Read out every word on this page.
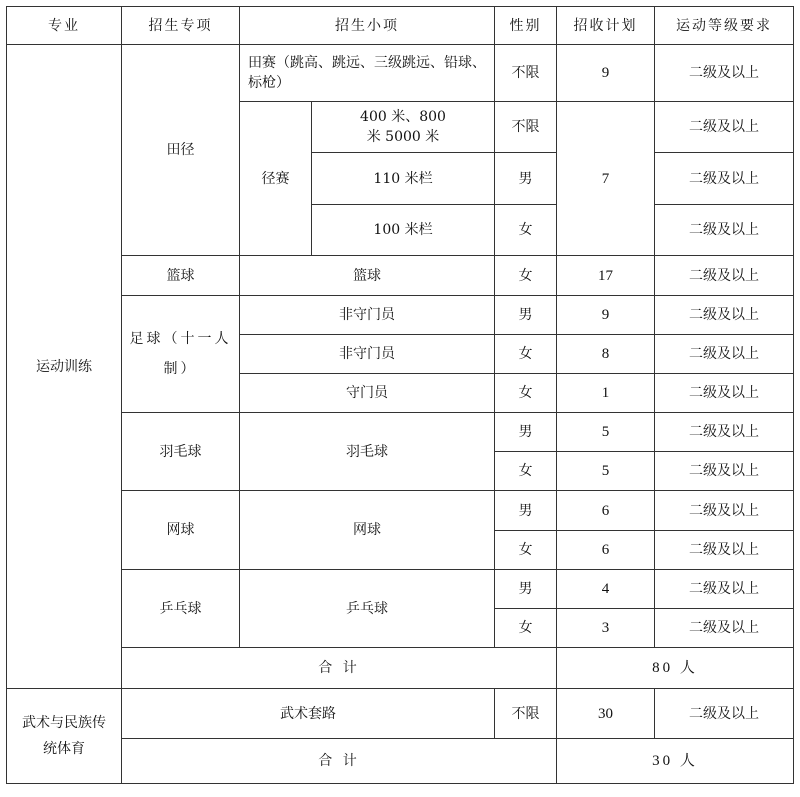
专业	招生专项	招生小项		性别	招收计划	运动等级要求
运动训练	田径	田赛（跳高、跳远、三级跳远、铅球、标枪）		不限	9	二级及以上
		径赛	400 米、800 米 5000 米	不限	7	二级及以上
			110 米栏	男		二级及以上
			100 米栏	女		二级及以上
	篮球	篮球		女	17	二级及以上
	足球（十一人制）	非守门员		男	9	二级及以上
		非守门员		女	8	二级及以上
		守门员		女	1	二级及以上
	羽毛球	羽毛球		男	5	二级及以上
				女	5	二级及以上
	网球	网球		男	6	二级及以上
				女	6	二级及以上
	乒乓球	乒乓球		男	4	二级及以上
				女	3	二级及以上
	合 计				80 人	
武术与民族传统体育	武术套路			不限	30	二级及以上
	合 计				30 人	
